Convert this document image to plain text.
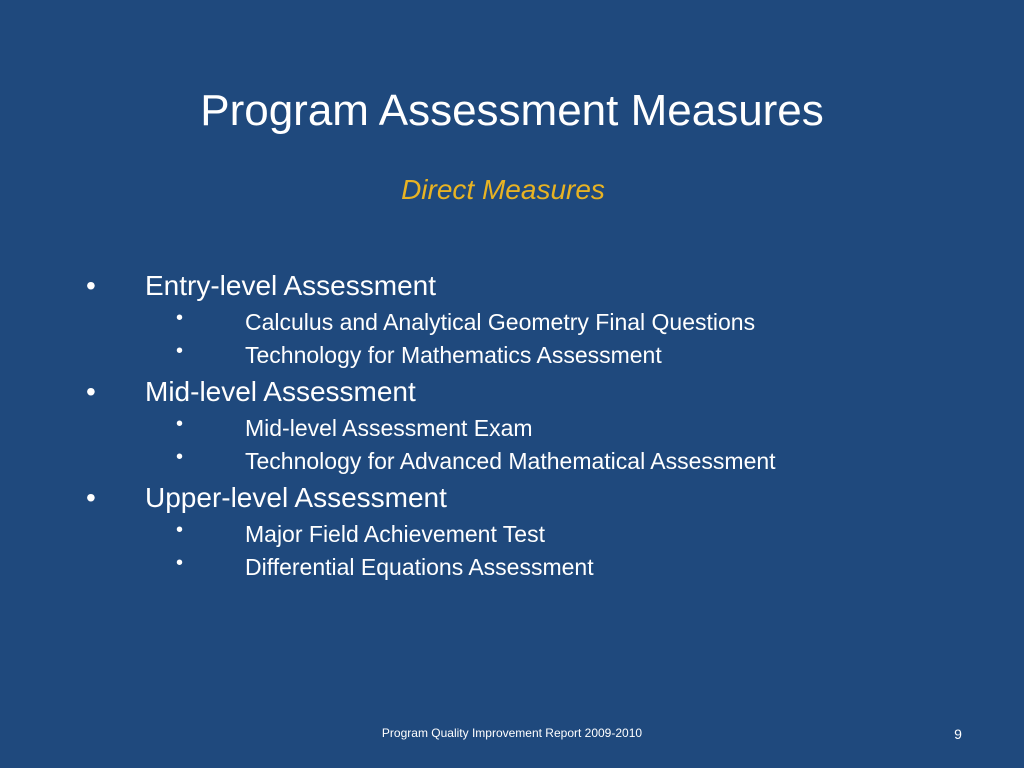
Program Assessment Measures
Direct Measures
• Entry-level Assessment
•	Calculus and Analytical Geometry Final Questions
•	Technology for Mathematics Assessment
• Mid-level Assessment
•	Mid-level Assessment Exam
•	Technology for Advanced Mathematical Assessment
• Upper-level Assessment
•	Major Field Achievement Test
•	Differential Equations Assessment
Program Quality Improvement Report 2009-2010	9
